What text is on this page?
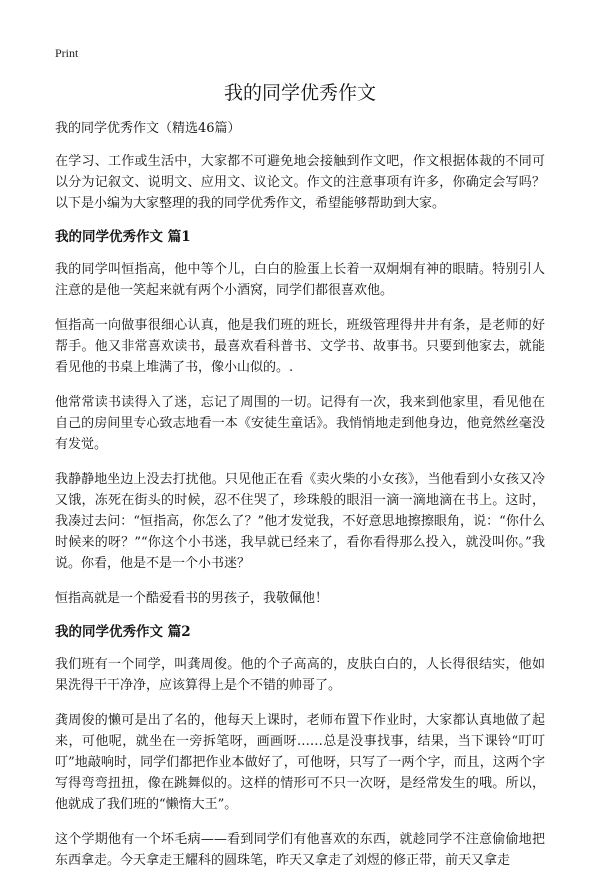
Print
我的同学优秀作文
我的同学优秀作文（精选46篇）

在学习、工作或生活中，大家都不可避免地会接触到作文吧，作文根据体裁的不同可以分为记叙文、说明文、应用文、议论文。作文的注意事项有许多，你确定会写吗？以下是小编为大家整理的我的同学优秀作文，希望能够帮助到大家。

我的同学优秀作文 篇1

我的同学叫恒指高，他中等个儿，白白的脸蛋上长着一双炯炯有神的眼睛。特别引人注意的是他一笑起来就有两个小酒窝，同学们都很喜欢他。

恒指高一向做事很细心认真，他是我们班的班长，班级管理得井井有条，是老师的好帮手。他又非常喜欢读书，最喜欢看科普书、文学书、故事书。只要到他家去，就能看见他的书桌上堆满了书，像小山似的。.

他常常读书读得入了迷，忘记了周围的一切。记得有一次，我来到他家里，看见他在自己的房间里专心致志地看一本《安徒生童话》。我悄悄地走到他身边，他竟然丝毫没有发觉。

我静静地坐边上没去打扰他。只见他正在看《卖火柴的小女孩》，当他看到小女孩又冷又饿，冻死在街头的时候，忍不住哭了，珍珠般的眼泪一滴一滴地滴在书上。这时，我凑过去问：“恒指高，你怎么了？”他才发觉我，不好意思地擦擦眼角，说：“你什么时候来的呀？”“你这个小书迷，我早就已经来了，看你看得那么投入，就没叫你。”我说。你看，他是不是一个小书迷？

恒指高就是一个酷爱看书的男孩子，我敬佩他！

我的同学优秀作文 篇2

我们班有一个同学，叫龚周俊。他的个子高高的，皮肤白白的，人长得很结实，他如果洗得干干净净，应该算得上是个不错的帅哥了。

龚周俊的懒可是出了名的，他每天上课时，老师布置下作业时，大家都认真地做了起来，可他呢，就坐在一旁拆笔呀，画画呀……总是没事找事，结果，当下课铃“叮叮叮”地敲响时，同学们都把作业本做好了，可他呀，只写了一两个字，而且，这两个字写得弯弯扭扭，像在跳舞似的。这样的情形可不只一次呀，是经常发生的哦。所以，他就成了我们班的“懒惰大王”。

这个学期他有一个坏毛病——看到同学们有他喜欢的东西，就趁同学不注意偷偷地把东西拿走。今天拿走王耀科的圆珠笔，昨天又拿走了刘煜的修正带，前天又拿走
